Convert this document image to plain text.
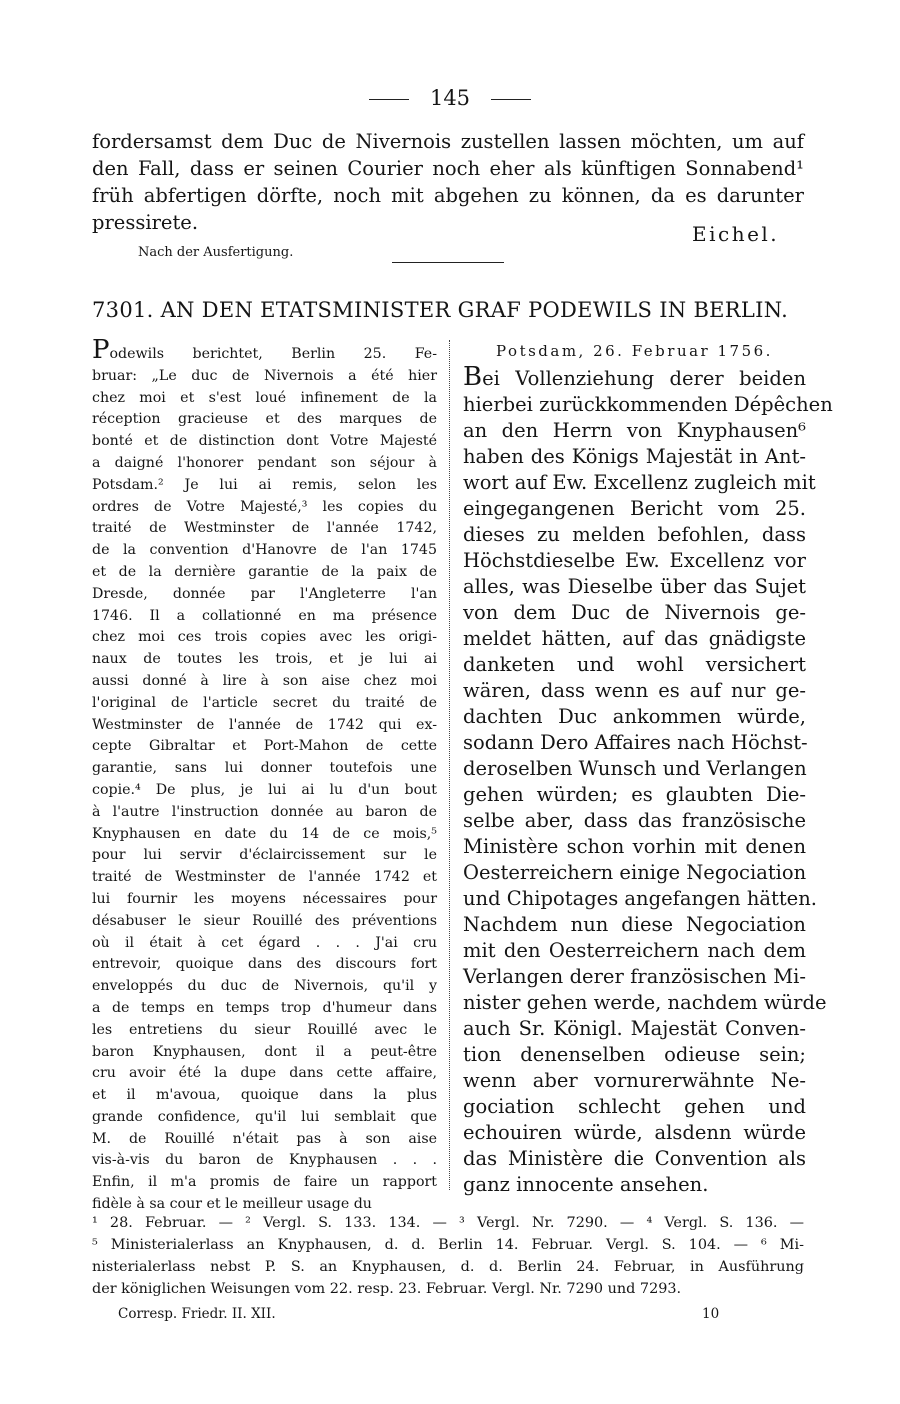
145
fordersamst dem Duc de Nivernois zustellen lassen möchten, um auf
den Fall, dass er seinen Courier noch eher als künftigen Sonnabend¹
früh abfertigen dörfte, noch mit abgehen zu können, da es darunter
pressirete.	Eichel.
Nach der Ausfertigung.
7301. AN DEN ETATSMINISTER GRAF PODEWILS IN BERLIN.
Podewils berichtet, Berlin 25. Fe-
bruar: „Le duc de Nivernois a été hier
chez moi et s'est loué infinement de la
réception gracieuse et des marques de
bonté et de distinction dont Votre Majesté
a daigné l'honorer pendant son séjour à
Potsdam.² Je lui ai remis, selon les
ordres de Votre Majesté,³ les copies du
traité de Westminster de l'année 1742,
de la convention d'Hanovre de l'an 1745
et de la dernière garantie de la paix de
Dresde, donnée par l'Angleterre l'an
1746. Il a collationné en ma présence
chez moi ces trois copies avec les origi-
naux de toutes les trois, et je lui ai
aussi donné à lire à son aise chez moi
l'original de l'article secret du traité de
Westminster de l'année de 1742 qui ex-
cepte Gibraltar et Port-Mahon de cette
garantie, sans lui donner toutefois une
copie.⁴ De plus, je lui ai lu d'un bout
à l'autre l'instruction donnée au baron de
Knyphausen en date du 14 de ce mois,⁵
pour lui servir d'éclaircissement sur le
traité de Westminster de l'année 1742 et
lui fournir les moyens nécessaires pour
désabuser le sieur Rouillé des préventions
où il était à cet égard . . . J'ai cru
entrevoir, quoique dans des discours fort
enveloppés du duc de Nivernois, qu'il y
a de temps en temps trop d'humeur dans
les entretiens du sieur Rouillé avec le
baron Knyphausen, dont il a peut-être
cru avoir été la dupe dans cette affaire,
et il m'avoua, quoique dans la plus
grande confidence, qu'il lui semblait que
M. de Rouillé n'était pas à son aise
vis-à-vis du baron de Knyphausen . . .
Enfin, il m'a promis de faire un rapport
fidèle à sa cour et le meilleur usage du
Potsdam, 26. Februar 1756.
Bei Vollenziehung derer beiden
hierbei zurückkommenden Dépêchen
an den Herrn von Knyphausen⁶
haben des Königs Majestät in Ant-
wort auf Ew. Excellenz zugleich mit
eingegangenen Bericht vom 25.
dieses zu melden befohlen, dass
Höchstdieselbe Ew. Excellenz vor
alles, was Dieselbe über das Sujet
von dem Duc de Nivernois ge-
meldet hätten, auf das gnädigste
danketen und wohl versichert
wären, dass wenn es auf nur ge-
dachten Duc ankommen würde,
sodann Dero Affaires nach Höchst-
deroselben Wunsch und Verlangen
gehen würden; es glaubten Die-
selbe aber, dass das französische
Ministère schon vorhin mit denen
Oesterreichern einige Negociation
und Chipotages angefangen hätten.
Nachdem nun diese Negociation
mit den Oesterreichern nach dem
Verlangen derer französischen Mi-
nister gehen werde, nachdem würde
auch Sr. Königl. Majestät Conven-
tion denenselben odieuse sein;
wenn aber vornurerwähnte Ne-
gociation schlecht gehen und
echouiren würde, alsdenn würde
das Ministère die Convention als
ganz innocente ansehen.
¹ 28. Februar. — ² Vergl. S. 133. 134. — ³ Vergl. Nr. 7290. — ⁴ Vergl. S. 136. —
⁵ Ministerialerlass an Knyphausen, d. d. Berlin 14. Februar. Vergl. S. 104. — ⁶ Mi-
nisterialerlass nebst P. S. an Knyphausen, d. d. Berlin 24. Februar, in Ausführung
der königlichen Weisungen vom 22. resp. 23. Februar. Vergl. Nr. 7290 und 7293.
Corresp. Friedr. II. XII.	10
